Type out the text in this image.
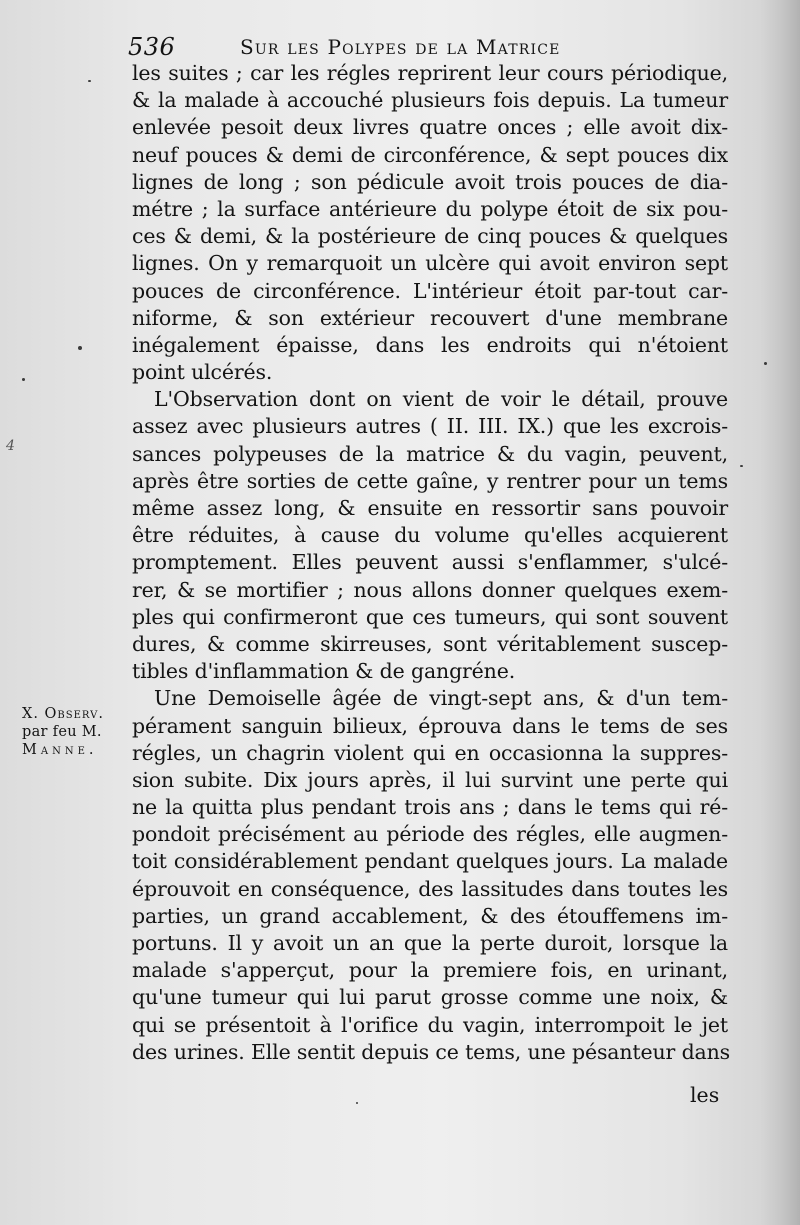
536	Sur les Polypes de la Matrice
les suites ; car les régles reprirent leur cours périodique,
& la malade à accouché plusieurs fois depuis. La tumeur
enlevée pesoit deux livres quatre onces ; elle avoit dix-
neuf pouces & demi de circonférence, & sept pouces dix
lignes de long ; son pédicule avoit trois pouces de dia-
métre ; la surface antérieure du polype étoit de six pou-
ces & demi, & la postérieure de cinq pouces & quelques
lignes. On y remarquoit un ulcère qui avoit environ sept
pouces de circonférence. L'intérieur étoit par-tout car-
niforme, & son extérieur recouvert d'une membrane
inégalement épaisse, dans les endroits qui n'étoient
point ulcérés.
L'Observation dont on vient de voir le détail, prouve
assez avec plusieurs autres ( II. III. IX.) que les excrois-
sances polypeuses de la matrice & du vagin, peuvent,
après être sorties de cette gaîne, y rentrer pour un tems
même assez long, & ensuite en ressortir sans pouvoir
être réduites, à cause du volume qu'elles acquierent
promptement. Elles peuvent aussi s'enflammer, s'ulcé-
rer, & se mortifier ; nous allons donner quelques exem-
ples qui confirmeront que ces tumeurs, qui sont souvent
dures, & comme skirreuses, sont véritablement suscep-
tibles d'inflammation & de gangréne.
Une Demoiselle âgée de vingt-sept ans, & d'un tem-
pérament sanguin bilieux, éprouva dans le tems de ses
régles, un chagrin violent qui en occasionna la suppres-
sion subite. Dix jours après, il lui survint une perte qui
ne la quitta plus pendant trois ans ; dans le tems qui ré-
pondoit précisément au période des régles, elle augmen-
toit considérablement pendant quelques jours. La malade
éprouvoit en conséquence, des lassitudes dans toutes les
parties, un grand accablement, & des étouffemens im-
portuns. Il y avoit un an que la perte duroit, lorsque la
malade s'apperçut, pour la premiere fois, en urinant,
qu'une tumeur qui lui parut grosse comme une noix, &
qui se présentoit à l'orifice du vagin, interrompoit le jet
des urines. Elle sentit depuis ce tems, une pésanteur dans
les
X. Observ.
par feu M.
Manne.
4
